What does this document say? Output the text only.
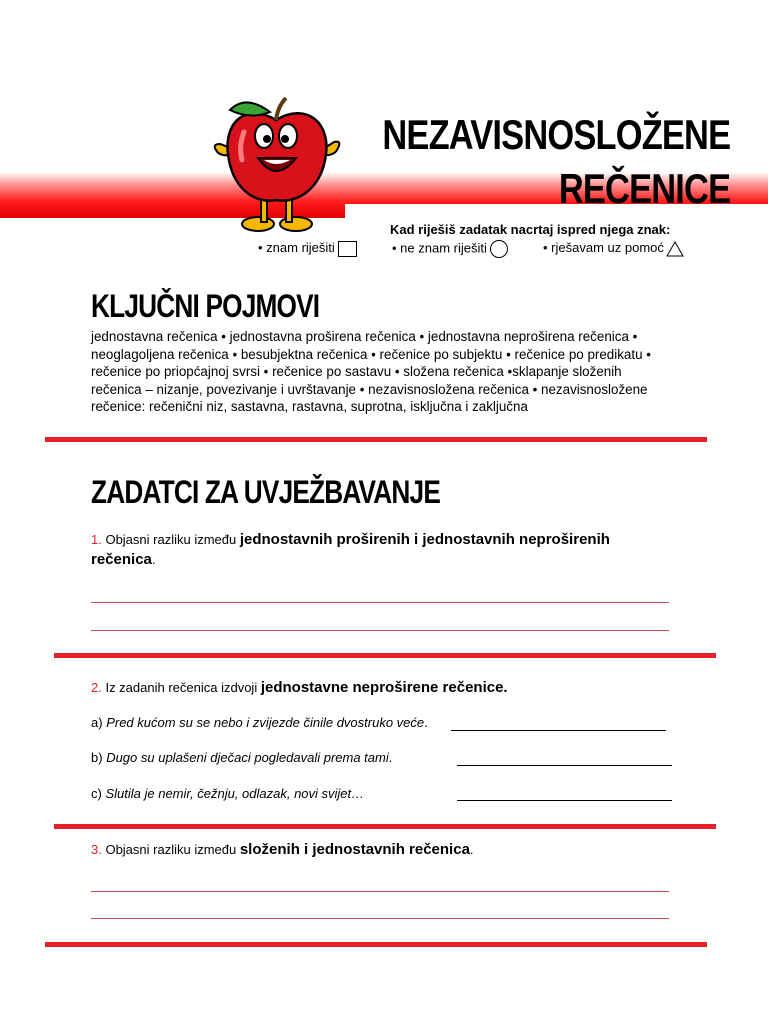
NEZAVISNOSLOŽENE
REČENICE
Kad riješiš zadatak nacrtaj ispred njega znak:
• znam riješiti	• ne znam riješiti	• rješavam uz pomoć
KLJUČNI POJMOVI
jednostavna rečenica • jednostavna proširena rečenica • jednostavna neproširena rečenica • neoglagoljena rečenica • besubjektna rečenica • rečenice po subjektu • rečenice po predikatu • rečenice po priopćajnoj svrsi • rečenice po sastavu • složena rečenica •sklapanje složenih rečenica – nizanje, povezivanje i uvrštavanje • nezavisnosložena rečenica • nezavisnosložene rečenice: rečenični niz, sastavna, rastavna, suprotna, isključna i zaključna
ZADATCI ZA UVJEŽBAVANJE
1. Objasni razliku između jednostavnih proširenih i jednostavnih neproširenih rečenica.
2. Iz zadanih rečenica izdvoji jednostavne neproširene rečenice.
a) Pred kućom su se nebo i zvijezde činile dvostruko veće.
b) Dugo su uplašeni dječaci pogledavali prema tami.
c) Slutila je nemir, čežnju, odlazak, novi svijet…
3. Objasni razliku između složenih i jednostavnih rečenica.
